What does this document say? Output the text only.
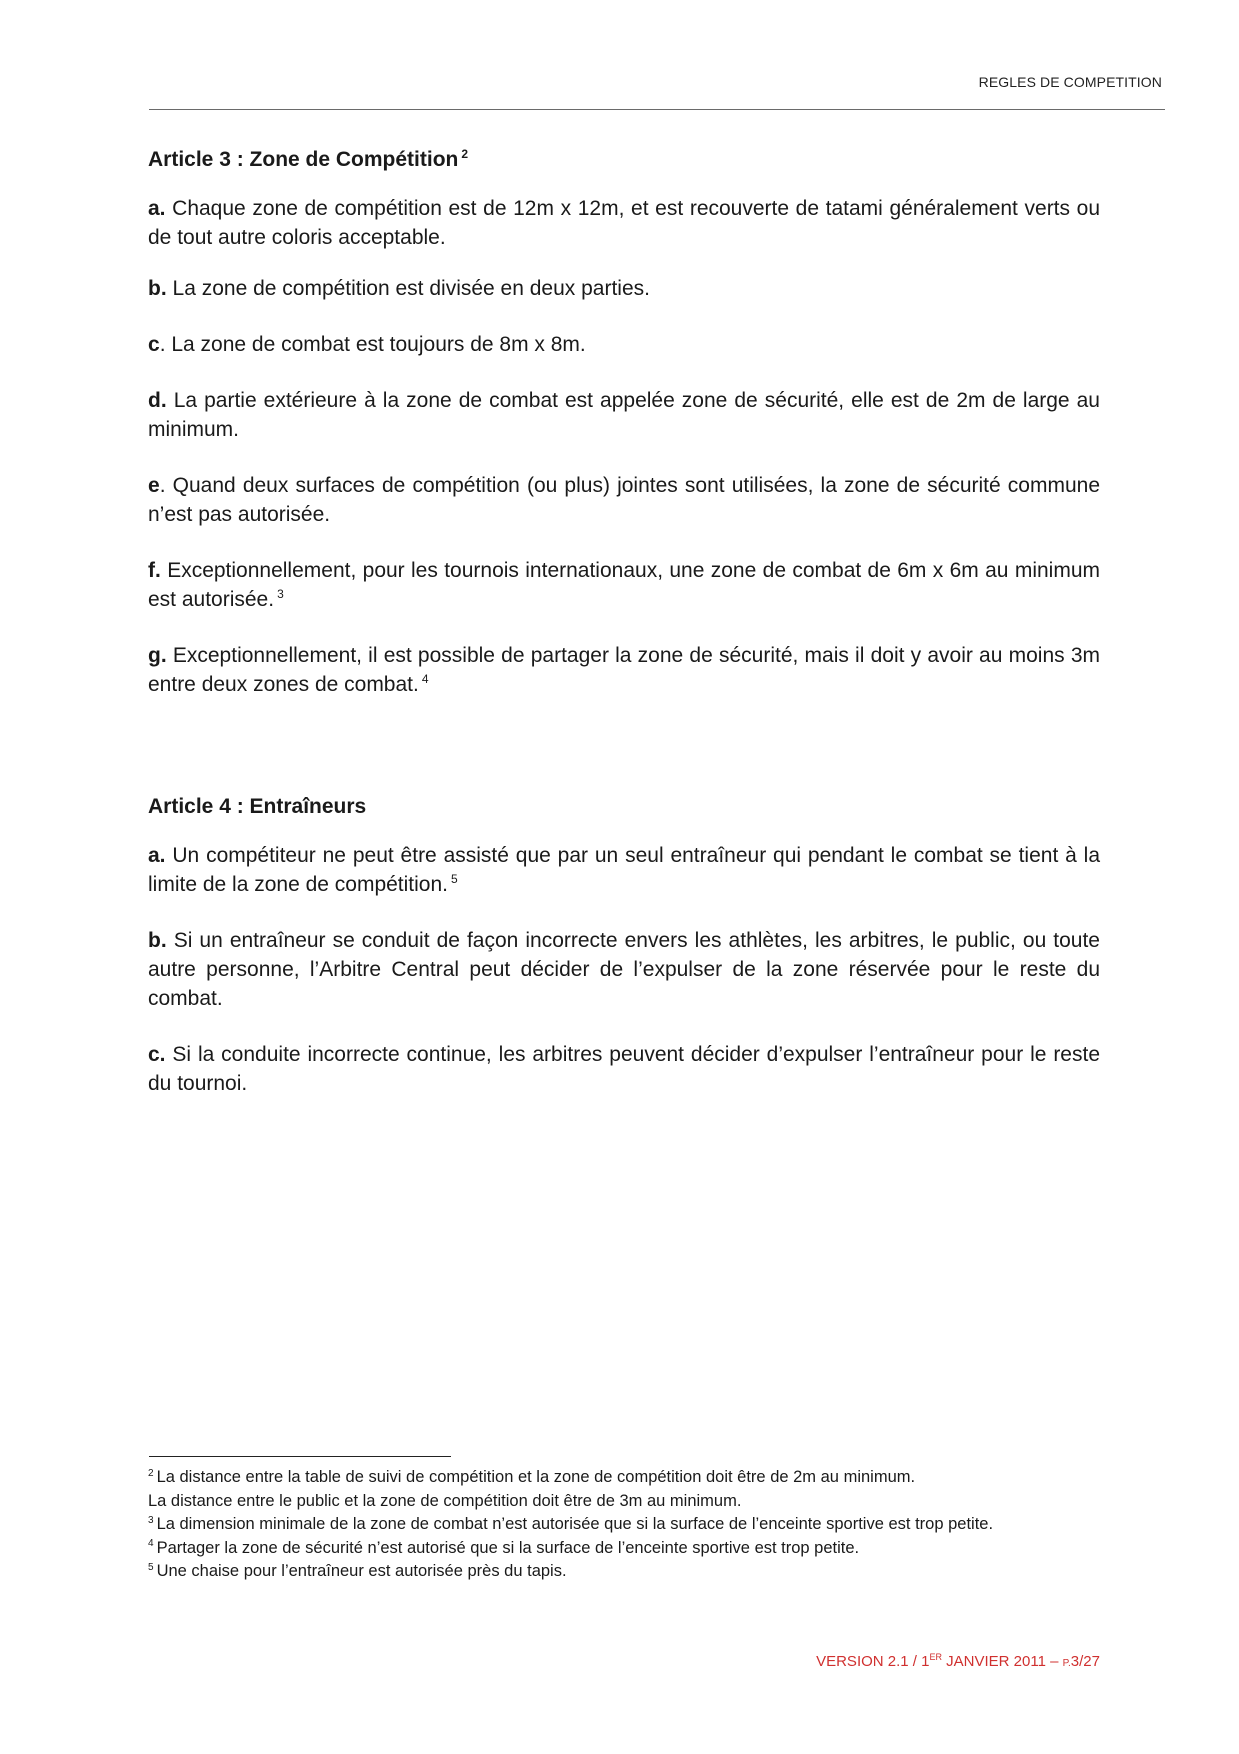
REGLES DE COMPETITION
Article 3 : Zone de Compétition $^2$

a. Chaque zone de compétition est de 12m x 12m, et est recouverte de tatami généralement verts ou de tout autre coloris acceptable.

b. La zone de compétition est divisée en deux parties.

c. La zone de combat est toujours de 8m x 8m.

d. La partie extérieure à la zone de combat est appelée zone de sécurité, elle est de 2m de large au minimum.

e. Quand deux surfaces de compétition (ou plus) jointes sont utilisées, la zone de sécurité commune n’est pas autorisée.

f. Exceptionnellement, pour les tournois internationaux, une zone de combat de 6m x 6m au minimum est autorisée. $^3$

g. Exceptionnellement, il est possible de partager la zone de sécurité, mais il doit y avoir au moins 3m entre deux zones de combat. $^4$

Article 4 : Entraîneurs

a. Un compétiteur ne peut être assisté que par un seul entraîneur qui pendant le combat se tient à la limite de la zone de compétition. $^5$

b. Si un entraîneur se conduit de façon incorrecte envers les athlètes, les arbitres, le public, ou toute autre personne, l’Arbitre Central peut décider de l’expulser de la zone réservée pour le reste du combat.

c. Si la conduite incorrecte continue, les arbitres peuvent décider d’expulser l’entraîneur pour le reste du tournoi.

$^2$ La distance entre la table de suivi de compétition et la zone de compétition doit être de 2m au minimum.
La distance entre le public et la zone de compétition doit être de 3m au minimum.
$^3$ La dimension minimale de la zone de combat n’est autorisée que si la surface de l’enceinte sportive est trop petite.
$^4$ Partager la zone de sécurité n’est autorisé que si la surface de l’enceinte sportive est trop petite.
$^5$ Une chaise pour l’entraîneur est autorisée près du tapis.
VERSION 2.1 / 1ER JANVIER 2011 – P.3/27
